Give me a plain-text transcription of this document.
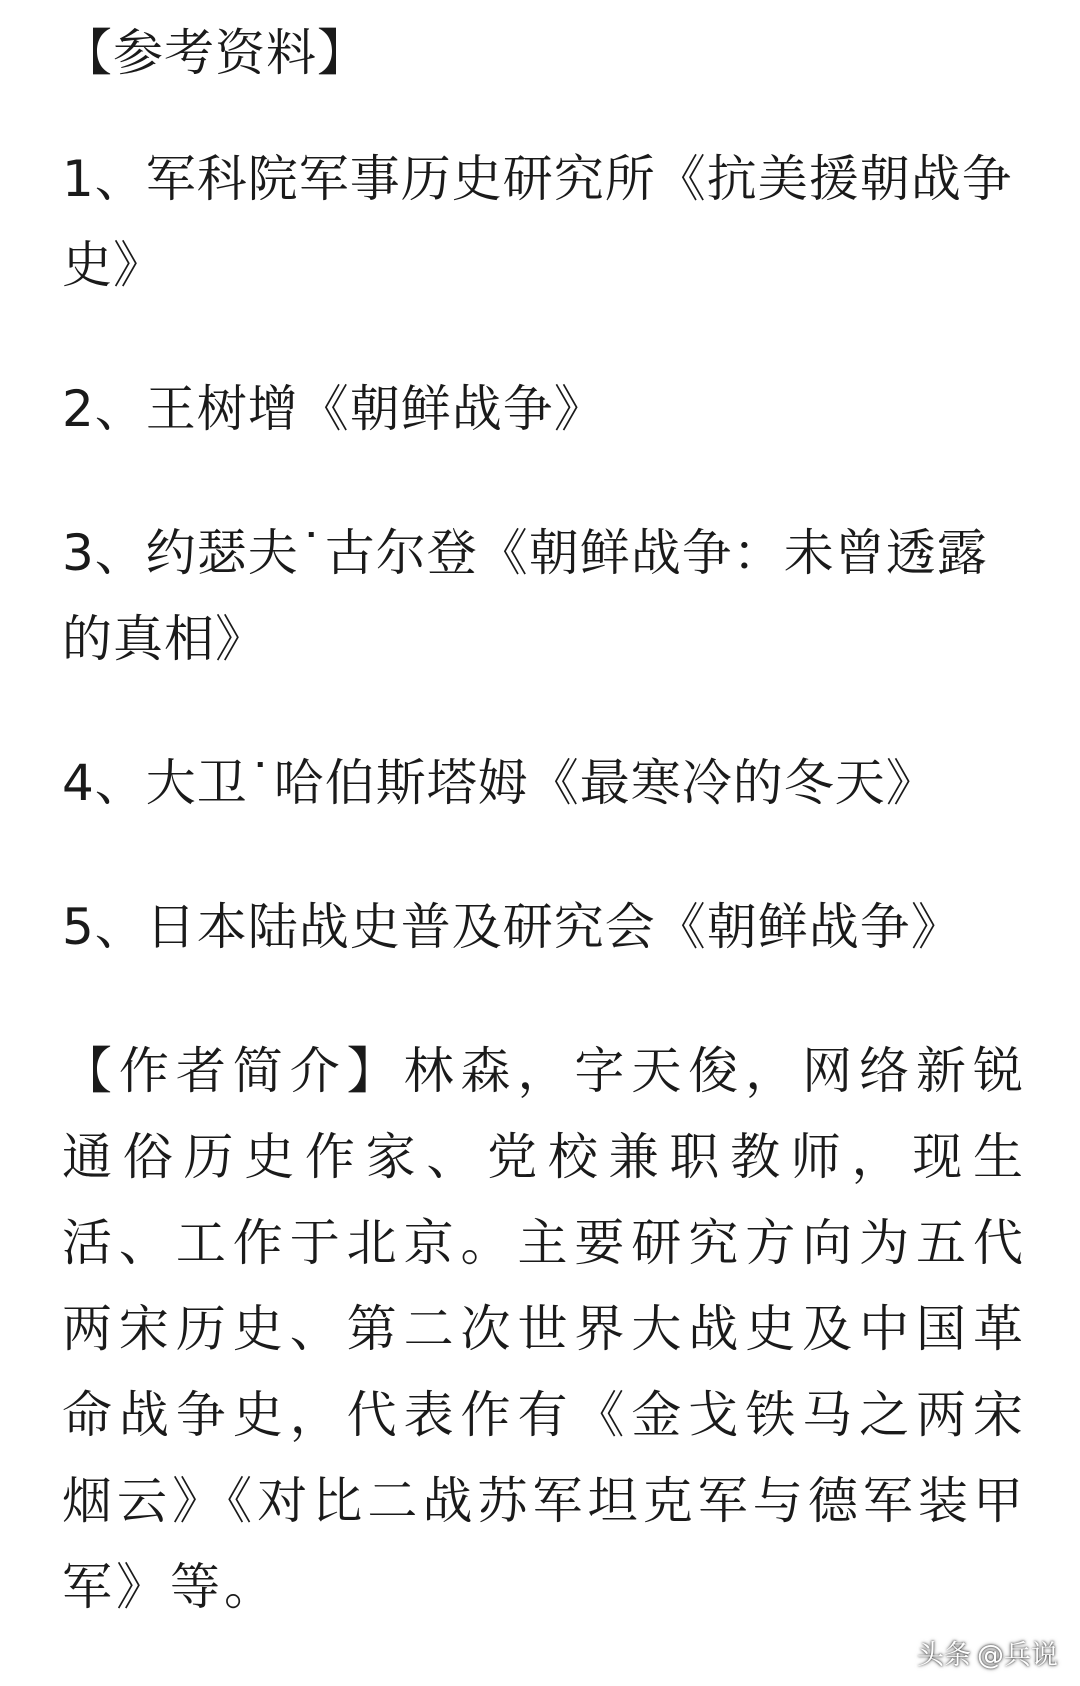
【参考资料】
1、军科院军事历史研究所《抗美援朝战争史》
2、王树增《朝鲜战争》
3、约瑟夫˙古尔登《朝鲜战争：未曾透露的真相》
4、大卫˙哈伯斯塔姆《最寒冷的冬天》
5、日本陆战史普及研究会《朝鲜战争》

【作者简介】林森，字天俊，网络新锐通俗历史作家、党校兼职教师，现生活、工作于北京。主要研究方向为五代两宋历史、第二次世界大战史及中国革命战争史，代表作有《金戈铁马之两宋烟云》《对比二战苏军坦克军与德军装甲军》等。

头条 @兵说
